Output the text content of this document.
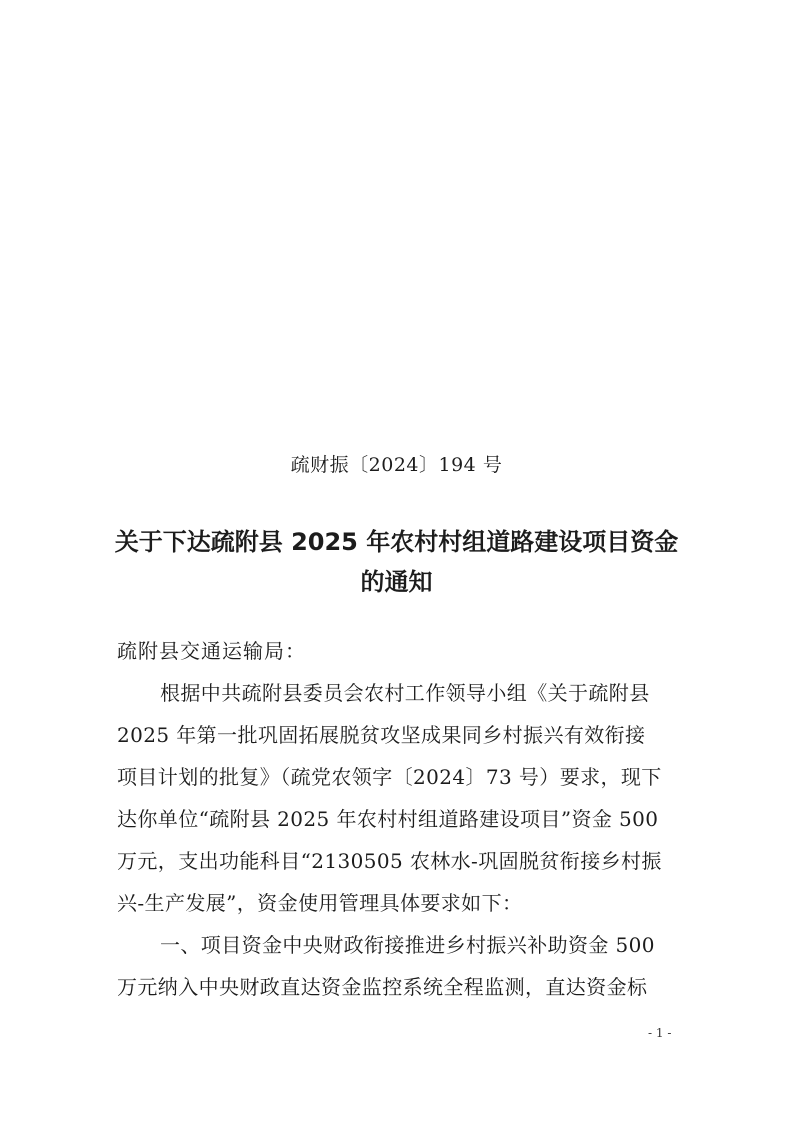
疏财振〔2024〕194 号
关于下达疏附县 2025 年农村村组道路建设项目资金
的通知
疏附县交通运输局：
根据中共疏附县委员会农村工作领导小组《关于疏附县
2025 年第一批巩固拓展脱贫攻坚成果同乡村振兴有效衔接
项目计划的批复》（疏党农领字〔2024〕73 号）要求，现下
达你单位“疏附县 2025 年农村村组道路建设项目”资金 500
万元，支出功能科目“2130505 农林水-巩固脱贫衔接乡村振
兴-生产发展”，资金使用管理具体要求如下：
一、项目资金中央财政衔接推进乡村振兴补助资金 500
万元纳入中央财政直达资金监控系统全程监测，直达资金标
- 1 -
